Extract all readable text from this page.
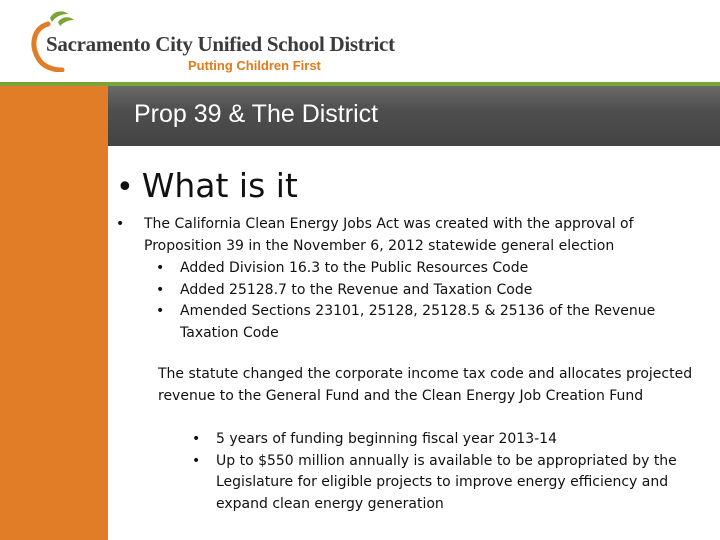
Sacramento City Unified School District
Putting Children First
Prop 39 & The District
• What is it
•	The California Clean Energy Jobs Act was created with the approval of Proposition 39 in the November 6, 2012 statewide general election
•	Added Division 16.3 to the Public Resources Code
•	Added 25128.7 to the Revenue and Taxation Code
•	Amended Sections 23101, 25128, 25128.5 & 25136 of the Revenue Taxation Code
The statute changed the corporate income tax code and allocates projected revenue to the General Fund and the Clean Energy Job Creation Fund
•	5 years of funding beginning fiscal year 2013-14
•	Up to $550 million annually is available to be appropriated by the Legislature for eligible projects to improve energy efficiency and expand clean energy generation
